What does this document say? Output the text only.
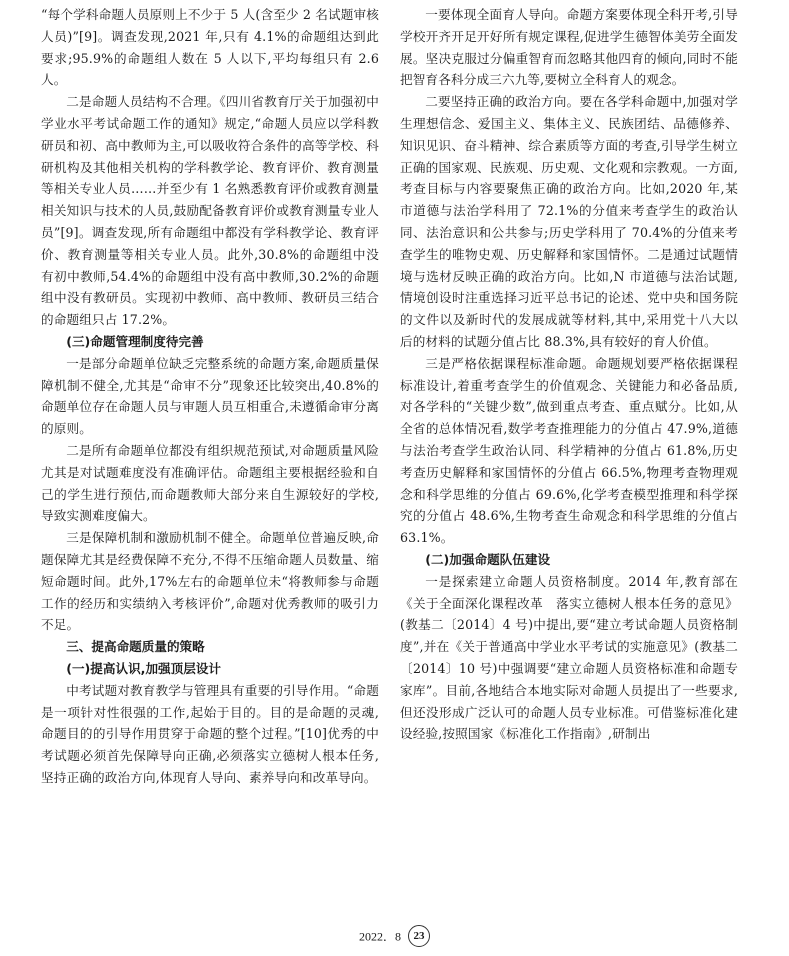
“每个学科命题人员原则上不少于 5 人(含至少 2 名试题审核人员)”[9]。调查发现,2021 年,只有 4.1%的命题组达到此要求;95.9%的命题组人数在 5 人以下,平均每组只有 2.6 人。

二是命题人员结构不合理。《四川省教育厅关于加强初中学业水平考试命题工作的通知》规定,“命题人员应以学科教研员和初、高中教师为主,可以吸收符合条件的高等学校、科研机构及其他相关机构的学科教学论、教育评价、教育测量等相关专业人员……并至少有 1 名熟悉教育评价或教育测量相关知识与技术的人员,鼓励配备教育评价或教育测量专业人员”[9]。调查发现,所有命题组中都没有学科教学论、教育评价、教育测量等相关专业人员。此外,30.8%的命题组中没有初中教师,54.4%的命题组中没有高中教师,30.2%的命题组中没有教研员。实现初中教师、高中教师、教研员三结合的命题组只占 17.2%。

(三)命题管理制度待完善

一是部分命题单位缺乏完整系统的命题方案,命题质量保障机制不健全,尤其是“命审不分”现象还比较突出,40.8%的命题单位存在命题人员与审题人员互相重合,未遵循命审分离的原则。

二是所有命题单位都没有组织规范预试,对命题质量风险尤其是对试题难度没有准确评估。命题组主要根据经验和自己的学生进行预估,而命题教师大部分来自生源较好的学校,导致实测难度偏大。

三是保障机制和激励机制不健全。命题单位普遍反映,命题保障尤其是经费保障不充分,不得不压缩命题人员数量、缩短命题时间。此外,17%左右的命题单位未“将教师参与命题工作的经历和实绩纳入考核评价”,命题对优秀教师的吸引力不足。

三、提高命题质量的策略

(一)提高认识,加强顶层设计

中考试题对教育教学与管理具有重要的引导作用。“命题是一项针对性很强的工作,起始于目的。目的是命题的灵魂,命题目的的引导作用贯穿于命题的整个过程。”[10]优秀的中考试题必须首先保障导向正确,必须落实立德树人根本任务,坚持正确的政治方向,体现育人导向、素养导向和改革导向。

一要体现全面育人导向。命题方案要体现全科开考,引导学校开齐开足开好所有规定课程,促进学生德智体美劳全面发展。坚决克服过分偏重智育而忽略其他四育的倾向,同时不能把智育各科分成三六九等,要树立全科育人的观念。

二要坚持正确的政治方向。要在各学科命题中,加强对学生理想信念、爱国主义、集体主义、民族团结、品德修养、知识见识、奋斗精神、综合素质等方面的考查,引导学生树立正确的国家观、民族观、历史观、文化观和宗教观。一方面,考查目标与内容要聚焦正确的政治方向。比如,2020 年,某市道德与法治学科用了 72.1%的分值来考查学生的政治认同、法治意识和公共参与;历史学科用了 70.4%的分值来考查学生的唯物史观、历史解释和家国情怀。二是通过试题情境与选材反映正确的政治方向。比如,N 市道德与法治试题,情境创设时注重选择习近平总书记的论述、党中央和国务院的文件以及新时代的发展成就等材料,其中,采用党十八大以后的材料的试题分值占比 88.3%,具有较好的育人价值。

三是严格依据课程标准命题。命题规划要严格依据课程标准设计,着重考查学生的价值观念、关键能力和必备品质,对各学科的“关键少数”,做到重点考查、重点赋分。比如,从全省的总体情况看,数学考查推理能力的分值占 47.9%,道德与法治考查学生政治认同、科学精神的分值占 61.8%,历史考查历史解释和家国情怀的分值占 66.5%,物理考查物理观念和科学思维的分值占 69.6%,化学考查模型推理和科学探究的分值占 48.6%,生物考查生命观念和科学思维的分值占 63.1%。

(二)加强命题队伍建设

一是探索建立命题人员资格制度。2014 年,教育部在《关于全面深化课程改革　落实立德树人根本任务的意见》(教基二〔2014〕4 号)中提出,要“建立考试命题人员资格制度”,并在《关于普通高中学业水平考试的实施意见》(教基二〔2014〕10 号)中强调要“建立命题人员资格标准和命题专家库”。目前,各地结合本地实际对命题人员提出了一些要求,但还没形成广泛认可的命题人员专业标准。可借鉴标准化建设经验,按照国家《标准化工作指南》,研制出

2022．8 23
